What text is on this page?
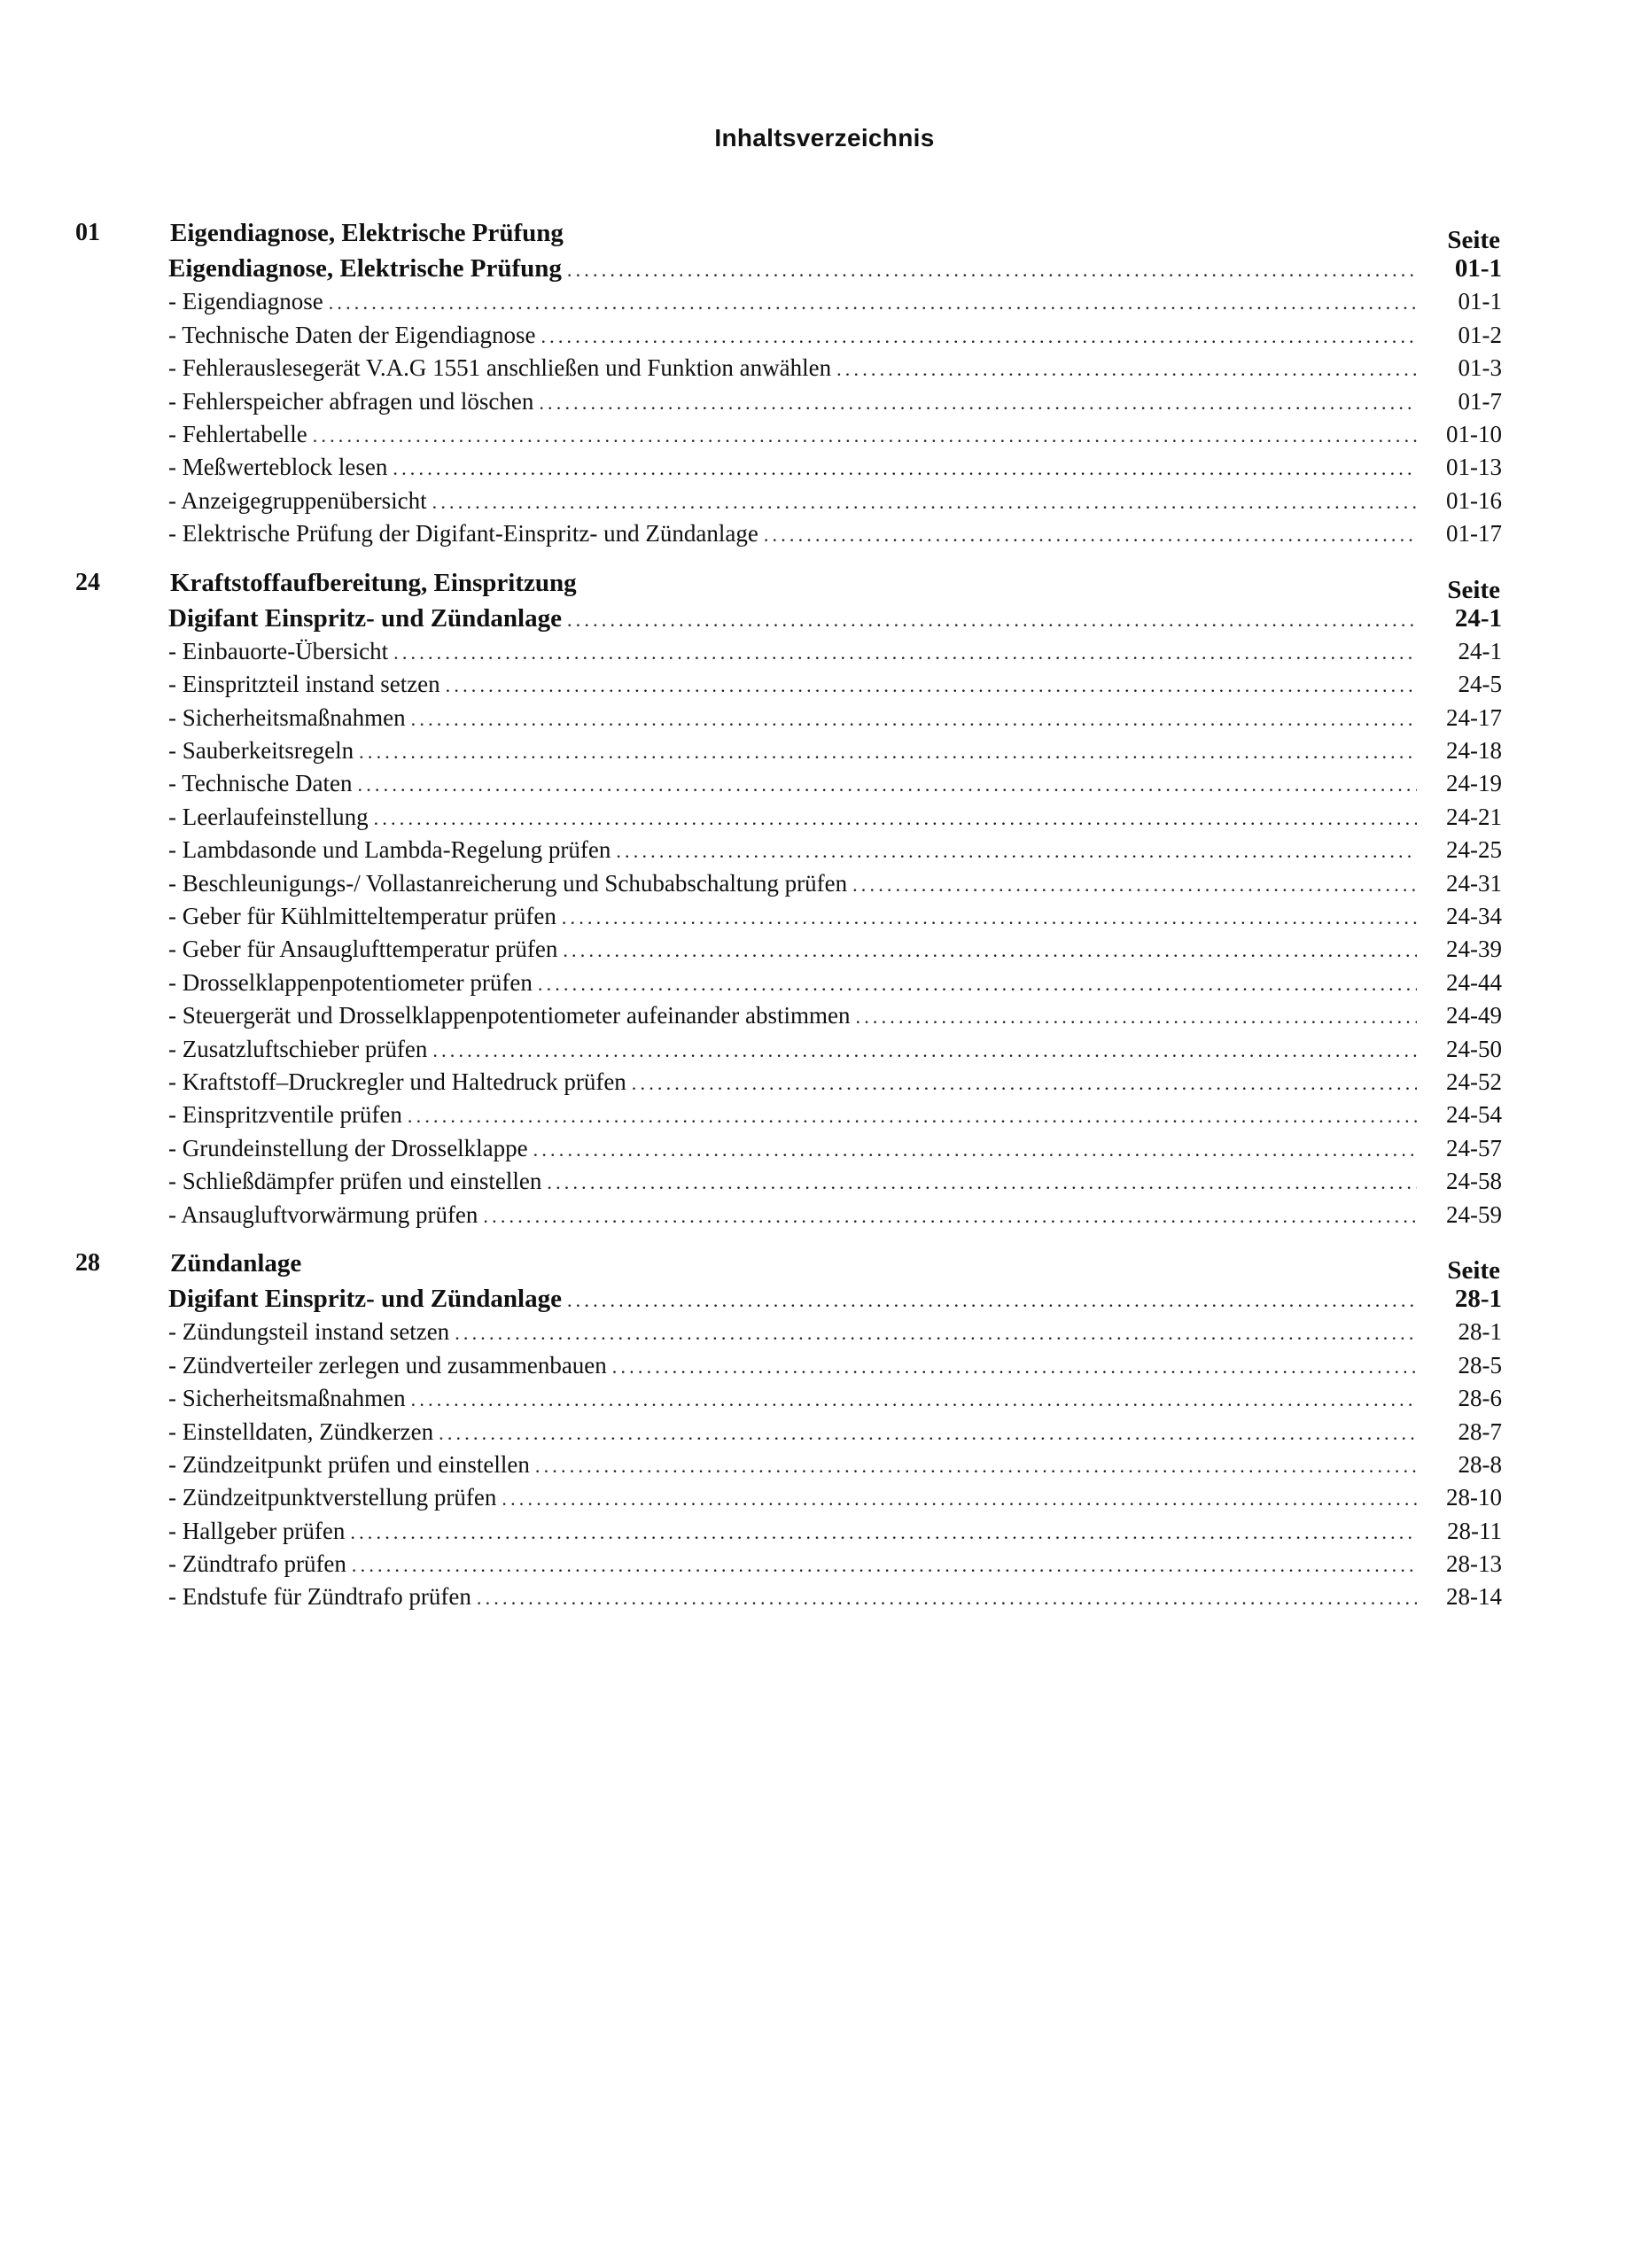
Inhaltsverzeichnis
01	Eigendiagnose, Elektrische Prüfung	Seite
Eigendiagnose, Elektrische Prüfung .....	01-1
- Eigendiagnose .....	01-1
- Technische Daten der Eigendiagnose .....	01-2
- Fehlerauslesegerät V.A.G 1551 anschließen und Funktion anwählen .....	01-3
- Fehlerspeicher abfragen und löschen .....	01-7
- Fehlertabelle .....	01-10
- Meßwerteblock lesen .....	01-13
- Anzeigegruppenübersicht .....	01-16
- Elektrische Prüfung der Digifant-Einspritz- und Zündanlage .....	01-17
24	Kraftstoffaufbereitung, Einspritzung	Seite
Digifant Einspritz- und Zündanlage .....	24-1
- Einbauorte-Übersicht .....	24-1
- Einspritzteil instand setzen .....	24-5
- Sicherheitsmaßnahmen .....	24-17
- Sauberkeitsregeln .....	24-18
- Technische Daten .....	24-19
- Leerlaufeinstellung .....	24-21
- Lambdasonde und Lambda-Regelung prüfen .....	24-25
- Beschleunigungs-/ Vollastanreicherung und Schubabschaltung prüfen .....	24-31
- Geber für Kühlmitteltemperatur prüfen .....	24-34
- Geber für Ansauglufttemperatur prüfen .....	24-39
- Drosselklappenpotentiometer prüfen .....	24-44
- Steuergerät und Drosselklappenpotentiometer aufeinander abstimmen .....	24-49
- Zusatzluftschieber prüfen .....	24-50
- Kraftstoff–Druckregler und Haltedruck prüfen .....	24-52
- Einspritzventile prüfen .....	24-54
- Grundeinstellung der Drosselklappe .....	24-57
- Schließdämpfer prüfen und einstellen .....	24-58
- Ansaugluftvorwärmung prüfen .....	24-59
28	Zündanlage	Seite
Digifant Einspritz- und Zündanlage .....	28-1
- Zündungsteil instand setzen .....	28-1
- Zündverteiler zerlegen und zusammenbauen .....	28-5
- Sicherheitsmaßnahmen .....	28-6
- Einstelldaten, Zündkerzen .....	28-7
- Zündzeitpunkt prüfen und einstellen .....	28-8
- Zündzeitpunktverstellung prüfen .....	28-10
- Hallgeber prüfen .....	28-11
- Zündtrafo prüfen .....	28-13
- Endstufe für Zündtrafo prüfen .....	28-14
